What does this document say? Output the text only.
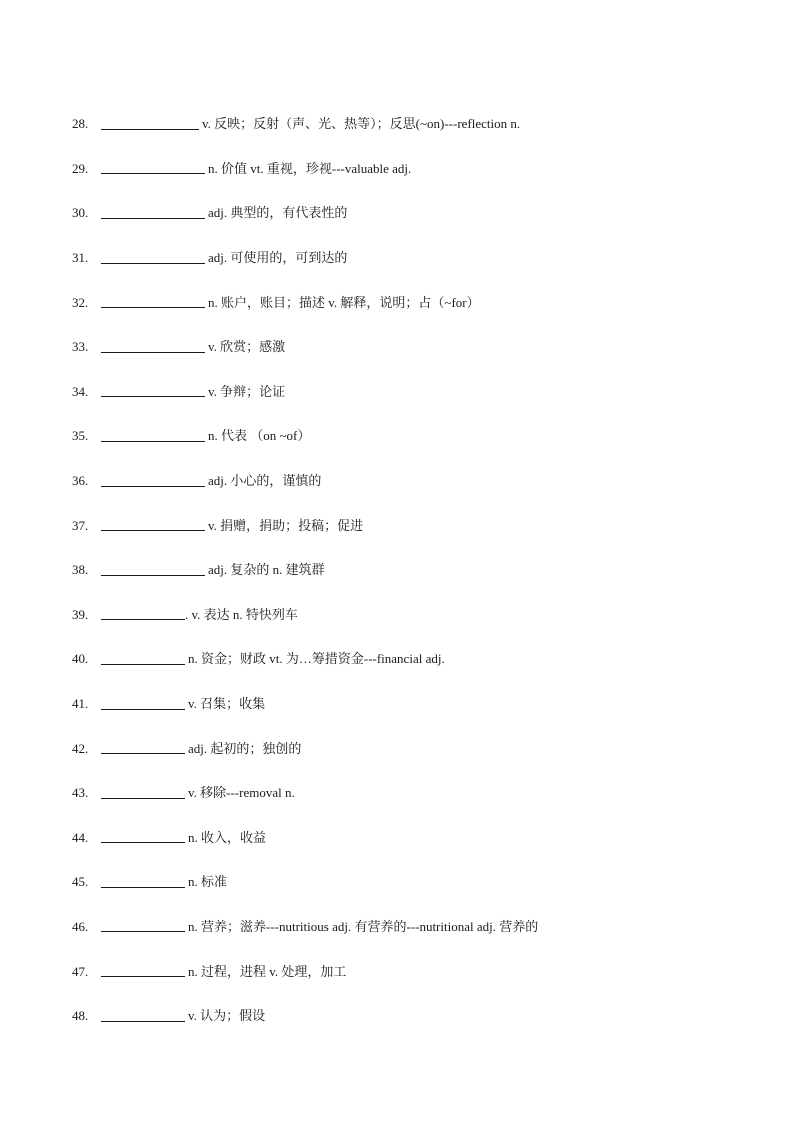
28.	v. 反映；反射（声、光、热等）；反思(~on)---reflection n.
29.	n. 价值 vt. 重视，珍视---valuable adj.
30.	adj. 典型的，有代表性的
31.	adj. 可使用的，可到达的
32.	n. 账户，账目；描述 v. 解释，说明；占（~for）
33.	v. 欣赏；感激
34.	v. 争辩；论证
35.	n. 代表 （on ~of）
36.	adj. 小心的，谨慎的
37.	v. 捐赠，捐助；投稿；促进
38.	adj. 复杂的 n. 建筑群
39.	. v. 表达 n. 特快列车
40.	n. 资金；财政 vt. 为…筹措资金---financial adj.
41.	v. 召集；收集
42.	adj. 起初的；独创的
43.	v. 移除---removal n.
44.	n. 收入，收益
45.	n. 标准
46.	n. 营养；滋养---nutritious adj. 有营养的---nutritional adj. 营养的
47.	n. 过程，进程 v. 处理，加工
48.	v. 认为；假设
